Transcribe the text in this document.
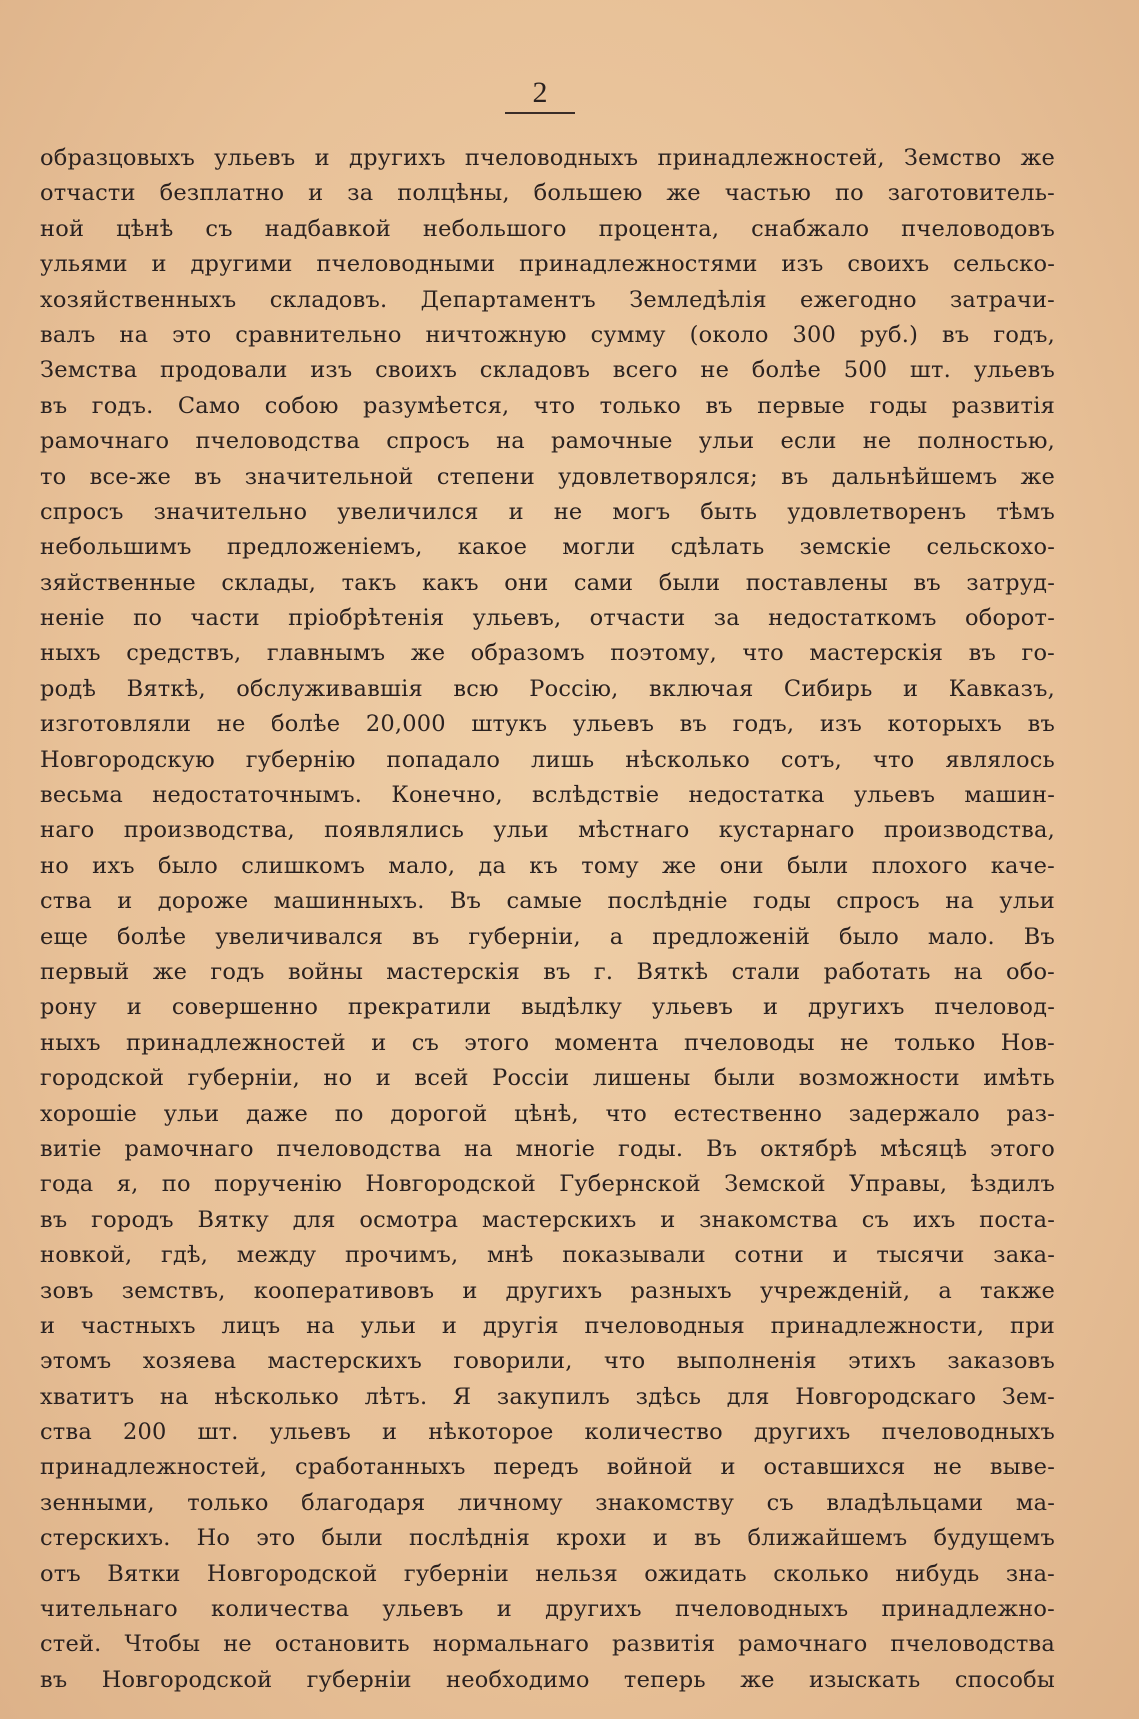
2
образцовыхъ ульевъ и другихъ пчеловодныхъ принадлежностей, Земство же
отчасти безплатно и за полцѣны, большею же частью по заготовитель-
ной цѣнѣ съ надбавкой небольшого процента, снабжало пчеловодовъ
ульями и другими пчеловодными принадлежностями изъ своихъ сельско-
хозяйственныхъ складовъ. Департаментъ Земледѣлія ежегодно затрачи-
валъ на это сравнительно ничтожную сумму (около 300 руб.) въ годъ,
Земства продовали изъ своихъ складовъ всего не болѣе 500 шт. ульевъ
въ годъ. Само собою разумѣется, что только въ первые годы развитія
рамочнаго пчеловодства спросъ на рамочные ульи если не полностью,
то все-же въ значительной степени удовлетворялся; въ дальнѣйшемъ же
спросъ значительно увеличился и не могъ быть удовлетворенъ тѣмъ
небольшимъ предложеніемъ, какое могли сдѣлать земскіе сельскохо-
зяйственные склады, такъ какъ они сами были поставлены въ затруд-
неніе по части пріобрѣтенія ульевъ, отчасти за недостаткомъ оборот-
ныхъ средствъ, главнымъ же образомъ поэтому, что мастерскія въ го-
родѣ Вяткѣ, обслуживавшія всю Россію, включая Сибирь и Кавказъ,
изготовляли не болѣе 20,000 штукъ ульевъ въ годъ, изъ которыхъ въ
Новгородскую губернію попадало лишь нѣсколько сотъ, что являлось
весьма недостаточнымъ. Конечно, вслѣдствіе недостатка ульевъ машин-
наго производства, появлялись ульи мѣстнаго кустарнаго производства,
но ихъ было слишкомъ мало, да къ тому же они были плохого каче-
ства и дороже машинныхъ. Въ самые послѣдніе годы спросъ на ульи
еще болѣе увеличивался въ губерніи, а предложеній было мало. Въ
первый же годъ войны мастерскія въ г. Вяткѣ стали работать на обо-
рону и совершенно прекратили выдѣлку ульевъ и другихъ пчеловод-
ныхъ принадлежностей и съ этого момента пчеловоды не только Нов-
городской губерніи, но и всей Россіи лишены были возможности имѣть
хорошіе ульи даже по дорогой цѣнѣ, что естественно задержало раз-
витіе рамочнаго пчеловодства на многіе годы. Въ октябрѣ мѣсяцѣ этого
года я, по порученію Новгородской Губернской Земской Управы, ѣздилъ
въ городъ Вятку для осмотра мастерскихъ и знакомства съ ихъ поста-
новкой, гдѣ, между прочимъ, мнѣ показывали сотни и тысячи зака-
зовъ земствъ, кооперативовъ и другихъ разныхъ учрежденій, а также
и частныхъ лицъ на ульи и другія пчеловодныя принадлежности, при
этомъ хозяева мастерскихъ говорили, что выполненія этихъ заказовъ
хватитъ на нѣсколько лѣтъ. Я закупилъ здѣсь для Новгородскаго Зем-
ства 200 шт. ульевъ и нѣкоторое количество другихъ пчеловодныхъ
принадлежностей, сработанныхъ передъ войной и оставшихся не выве-
зенными, только благодаря личному знакомству съ владѣльцами ма-
стерскихъ. Но это были послѣднія крохи и въ ближайшемъ будущемъ
отъ Вятки Новгородской губерніи нельзя ожидать сколько нибудь зна-
чительнаго количества ульевъ и другихъ пчеловодныхъ принадлежно-
стей. Чтобы не остановить нормальнаго развитія рамочнаго пчеловодства
въ Новгородской губерніи необходимо теперь же изыскать способы
